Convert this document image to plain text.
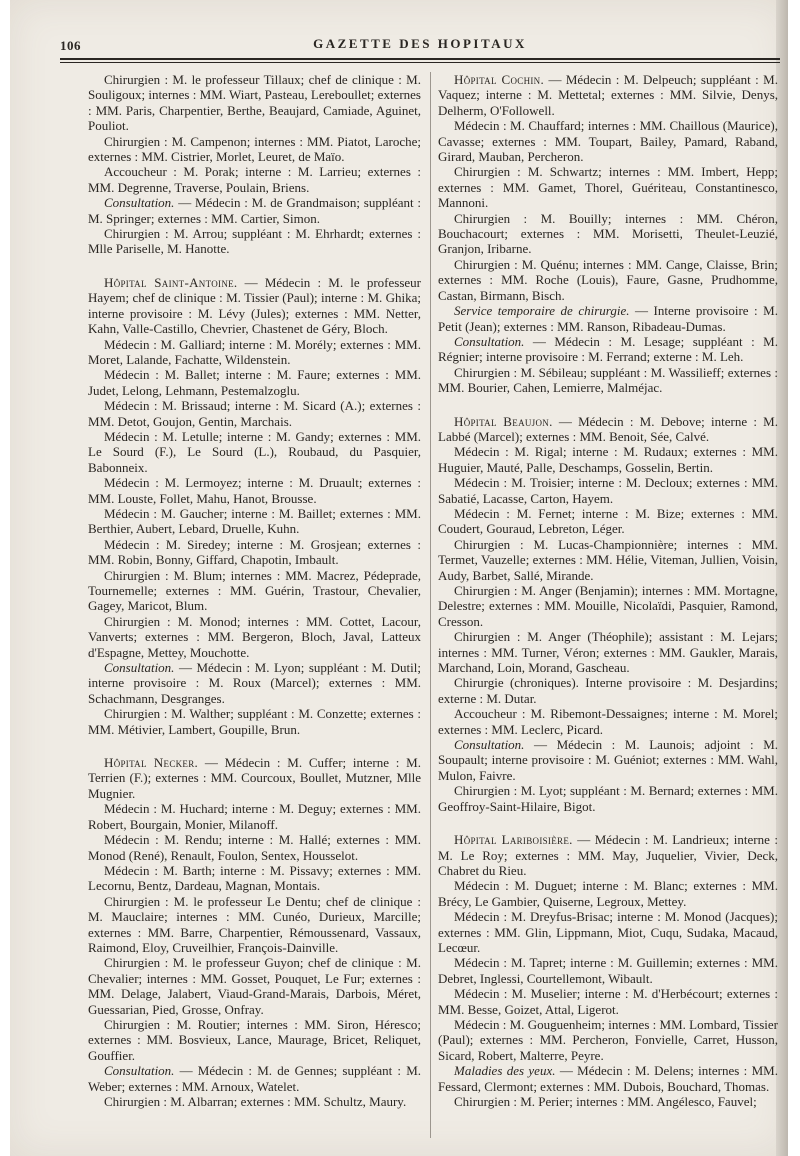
106	GAZETTE DES HOPITAUX

Chirurgien : M. le professeur Tillaux; chef de clinique : M. Souligoux; internes : MM. Wiart, Pasteau, Lereboullet; externes : MM. Paris, Charpentier, Berthe, Beaujard, Camiade, Aguinet, Pouliot.

Chirurgien : M. Campenon; internes : MM. Piatot, Laroche; externes : MM. Cistrier, Morlet, Leuret, de Maïo.

Accoucheur : M. Porak; interne : M. Larrieu; externes : MM. Degrenne, Traverse, Poulain, Briens.

Consultation. — Médecin : M. de Grandmaison; suppléant : M. Springer; externes : MM. Cartier, Simon.

Chirurgien : M. Arrou; suppléant : M. Ehrhardt; externes : Mlle Pariselle, M. Hanotte.

Hôpital Saint-Antoine. — Médecin : M. le professeur Hayem; chef de clinique : M. Tissier (Paul); interne : M. Ghika; interne provisoire : M. Lévy (Jules); externes : MM. Netter, Kahn, Valle-Castillo, Chevrier, Chastenet de Géry, Bloch.

Médecin : M. Galliard; interne : M. Morély; externes : MM. Moret, Lalande, Fachatte, Wildenstein.

Médecin : M. Ballet; interne : M. Faure; externes : MM. Judet, Lelong, Lehmann, Pestemalzoglu.

Médecin : M. Brissaud; interne : M. Sicard (A.); externes : MM. Detot, Goujon, Gentin, Marchais.

Médecin : M. Letulle; interne : M. Gandy; externes : MM. Le Sourd (F.), Le Sourd (L.), Roubaud, du Pasquier, Babonneix.

Médecin : M. Lermoyez; interne : M. Druault; externes : MM. Louste, Follet, Mahu, Hanot, Brousse.

Médecin : M. Gaucher; interne : M. Baillet; externes : MM. Berthier, Aubert, Lebard, Druelle, Kuhn.

Médecin : M. Siredey; interne : M. Grosjean; externes : MM. Robin, Bonny, Giffard, Chapotin, Imbault.

Chirurgien : M. Blum; internes : MM. Macrez, Pédeprade, Tournemelle; externes : MM. Guérin, Trastour, Chevalier, Gagey, Maricot, Blum.

Chirurgien : M. Monod; internes : MM. Cottet, Lacour, Vanverts; externes : MM. Bergeron, Bloch, Javal, Latteux d'Espagne, Mettey, Mouchotte.

Consultation. — Médecin : M. Lyon; suppléant : M. Dutil; interne provisoire : M. Roux (Marcel); externes : MM. Schachmann, Desgranges.

Chirurgien : M. Walther; suppléant : M. Conzette; externes : MM. Métivier, Lambert, Goupille, Brun.

Hôpital Necker. — Médecin : M. Cuffer; interne : M. Terrien (F.); externes : MM. Courcoux, Boullet, Mutzner, Mlle Mugnier.

Médecin : M. Huchard; interne : M. Deguy; externes : MM. Robert, Bourgain, Monier, Milanoff.

Médecin : M. Rendu; interne : M. Hallé; externes : MM. Monod (René), Renault, Foulon, Sentex, Housselot.

Médecin : M. Barth; interne : M. Pissavy; externes : MM. Lecornu, Bentz, Dardeau, Magnan, Montais.

Chirurgien : M. le professeur Le Dentu; chef de clinique : M. Mauclaire; internes : MM. Cunéo, Durieux, Marcille; externes : MM. Barre, Charpentier, Rémoussenard, Vassaux, Raimond, Eloy, Cruveilhier, François-Dainville.

Chirurgien : M. le professeur Guyon; chef de clinique : M. Chevalier; internes : MM. Gosset, Pouquet, Le Fur; externes : MM. Delage, Jalabert, Viaud-Grand-Marais, Darbois, Méret, Guessarian, Pied, Grosse, Onfray.

Chirurgien : M. Routier; internes : MM. Siron, Héresco; externes : MM. Bosvieux, Lance, Maurage, Bricet, Reliquet, Gouffier.

Consultation. — Médecin : M. de Gennes; suppléant : M. Weber; externes : MM. Arnoux, Watelet.

Chirurgien : M. Albarran; externes : MM. Schultz, Maury.

Hôpital Cochin. — Médecin : M. Delpeuch; suppléant : M. Vaquez; interne : M. Mettetal; externes : MM. Silvie, Denys, Delherm, O'Followell.

Médecin : M. Chauffard; internes : MM. Chaillous (Maurice), Cavasse; externes : MM. Toupart, Bailey, Pamard, Raband, Girard, Mauban, Percheron.

Chirurgien : M. Schwartz; internes : MM. Imbert, Hepp; externes : MM. Gamet, Thorel, Guériteau, Constantinesco, Mannoni.

Chirurgien : M. Bouilly; internes : MM. Chéron, Bouchacourt; externes : MM. Morisetti, Theulet-Leuzié, Granjon, Iribarne.

Chirurgien : M. Quénu; internes : MM. Cange, Claisse, Brin; externes : MM. Roche (Louis), Faure, Gasne, Prudhomme, Castan, Birmann, Bisch.

Service temporaire de chirurgie. — Interne provisoire : M. Petit (Jean); externes : MM. Ranson, Ribadeau-Dumas.

Consultation. — Médecin : M. Lesage; suppléant : M. Régnier; interne provisoire : M. Ferrand; externe : M. Leh.

Chirurgien : M. Sébileau; suppléant : M. Wassilieff; externes : MM. Bourier, Cahen, Lemierre, Malméjac.

Hôpital Beaujon. — Médecin : M. Debove; interne : M. Labbé (Marcel); externes : MM. Benoit, Sée, Calvé.

Médecin : M. Rigal; interne : M. Rudaux; externes : MM. Huguier, Mauté, Palle, Deschamps, Gosselin, Bertin.

Médecin : M. Troisier; interne : M. Decloux; externes : MM. Sabatié, Lacasse, Carton, Hayem.

Médecin : M. Fernet; interne : M. Bize; externes : MM. Coudert, Gouraud, Lebreton, Léger.

Chirurgien : M. Lucas-Championnière; internes : MM. Termet, Vauzelle; externes : MM. Hélie, Viteman, Jullien, Voisin, Audy, Barbet, Sallé, Mirande.

Chirurgien : M. Anger (Benjamin); internes : MM. Mortagne, Delestre; externes : MM. Mouille, Nicolaïdi, Pasquier, Ramond, Cresson.

Chirurgien : M. Anger (Théophile); assistant : M. Lejars; internes : MM. Turner, Véron; externes : MM. Gaukler, Marais, Marchand, Loin, Morand, Gascheau.

Chirurgie (chroniques). Interne provisoire : M. Desjardins; externe : M. Dutar.

Accoucheur : M. Ribemont-Dessaignes; interne : M. Morel; externes : MM. Leclerc, Picard.

Consultation. — Médecin : M. Launois; adjoint : M. Soupault; interne provisoire : M. Guéniot; externes : MM. Wahl, Mulon, Faivre.

Chirurgien : M. Lyot; suppléant : M. Bernard; externes : MM. Geoffroy-Saint-Hilaire, Bigot.

Hôpital Lariboisière. — Médecin : M. Landrieux; interne : M. Le Roy; externes : MM. May, Juquelier, Vivier, Deck, Chabret du Rieu.

Médecin : M. Duguet; interne : M. Blanc; externes : MM. Brécy, Le Gambier, Quiserne, Legroux, Mettey.

Médecin : M. Dreyfus-Brisac; interne : M. Monod (Jacques); externes : MM. Glin, Lippmann, Miot, Cuqu, Sudaka, Macaud, Lecœur.

Médecin : M. Tapret; interne : M. Guillemin; externes : MM. Debret, Inglessi, Courtellemont, Wibault.

Médecin : M. Muselier; interne : M. d'Herbécourt; externes : MM. Besse, Goizet, Attal, Ligerot.

Médecin : M. Gouguenheim; internes : MM. Lombard, Tissier (Paul); externes : MM. Percheron, Fonvielle, Carret, Husson, Sicard, Robert, Malterre, Peyre.

Maladies des yeux. — Médecin : M. Delens; internes : MM. Fessard, Clermont; externes : MM. Dubois, Bouchard, Thomas.

Chirurgien : M. Perier; internes : MM. Angélesco, Fauvel;
